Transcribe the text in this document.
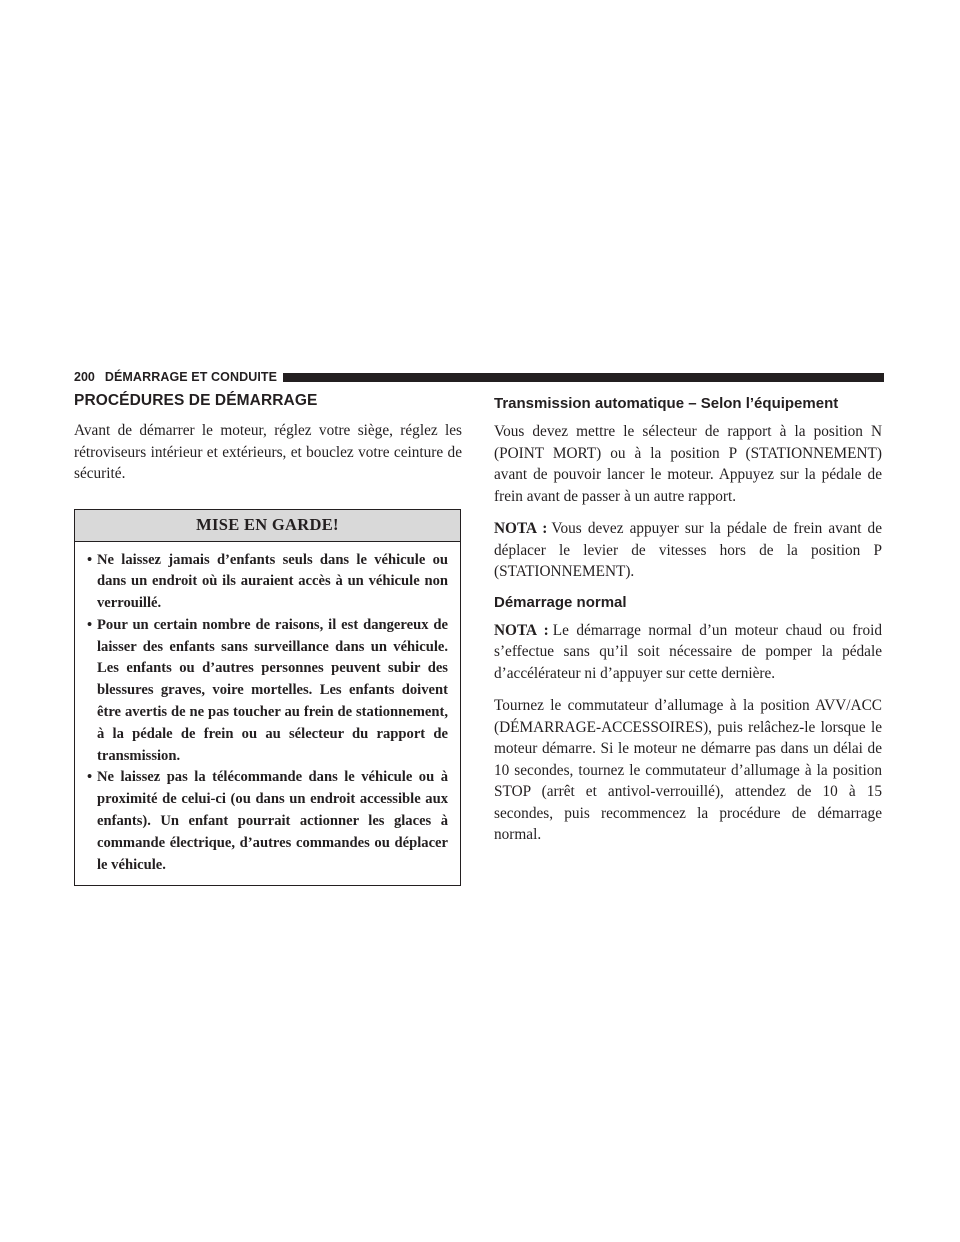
200 DÉMARRAGE ET CONDUITE
PROCÉDURES DE DÉMARRAGE

Avant de démarrer le moteur, réglez votre siège, réglez les rétroviseurs intérieur et extérieurs, et bouclez votre ceinture de sécurité.

MISE EN GARDE!
• Ne laissez jamais d’enfants seuls dans le véhicule ou dans un endroit où ils auraient accès à un véhicule non verrouillé.
• Pour un certain nombre de raisons, il est dangereux de laisser des enfants sans surveillance dans un véhicule. Les enfants ou d’autres personnes peuvent subir des blessures graves, voire mortelles. Les enfants doivent être avertis de ne pas toucher au frein de stationnement, à la pédale de frein ou au sélecteur du rapport de transmission.
• Ne laissez pas la télécommande dans le véhicule ou à proximité de celui-ci (ou dans un endroit accessible aux enfants). Un enfant pourrait actionner les glaces à commande électrique, d’autres commandes ou déplacer le véhicule.
Transmission automatique – Selon l’équipement

Vous devez mettre le sélecteur de rapport à la position N (POINT MORT) ou à la position P (STATIONNEMENT) avant de pouvoir lancer le moteur. Appuyez sur la pédale de frein avant de passer à un autre rapport.

NOTA : Vous devez appuyer sur la pédale de frein avant de déplacer le levier de vitesses hors de la position P (STATIONNEMENT).

Démarrage normal

NOTA : Le démarrage normal d’un moteur chaud ou froid s’effectue sans qu’il soit nécessaire de pomper la pédale d’accélérateur ni d’appuyer sur cette dernière.

Tournez le commutateur d’allumage à la position AVV/ACC (DÉMARRAGE-ACCESSOIRES), puis relâchez-le lorsque le moteur démarre. Si le moteur ne démarre pas dans un délai de 10 secondes, tournez le commutateur d’allumage à la position STOP (arrêt et antivol-verrouillé), attendez de 10 à 15 secondes, puis recommencez la procédure de démarrage normal.
